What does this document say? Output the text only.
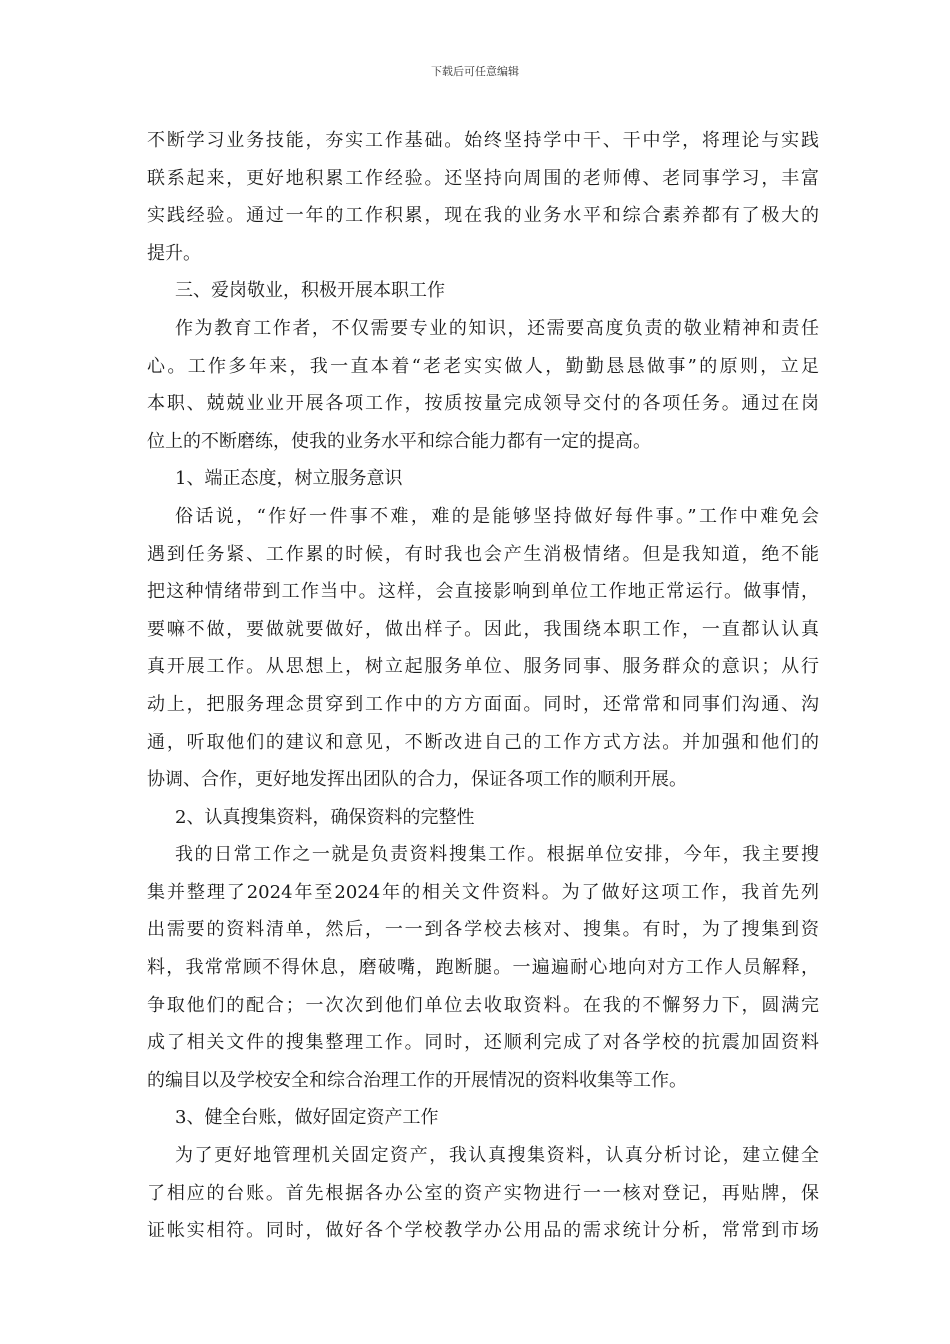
下载后可任意编辑
不断学习业务技能，夯实工作基础。始终坚持学中干、干中学，将理论与实践
联系起来，更好地积累工作经验。还坚持向周围的老师傅、老同事学习，丰富
实践经验。通过一年的工作积累，现在我的业务水平和综合素养都有了极大的
提升。
三、爱岗敬业，积极开展本职工作
作为教育工作者，不仅需要专业的知识，还需要高度负责的敬业精神和责任
心。工作多年来，我一直本着“老老实实做人，勤勤恳恳做事”的原则，立足
本职、兢兢业业开展各项工作，按质按量完成领导交付的各项任务。通过在岗
位上的不断磨练，使我的业务水平和综合能力都有一定的提高。
1、端正态度，树立服务意识
俗话说，“作好一件事不难，难的是能够坚持做好每件事。”工作中难免会
遇到任务紧、工作累的时候，有时我也会产生消极情绪。但是我知道，绝不能
把这种情绪带到工作当中。这样，会直接影响到单位工作地正常运行。做事情，
要嘛不做，要做就要做好，做出样子。因此，我围绕本职工作，一直都认认真
真开展工作。从思想上，树立起服务单位、服务同事、服务群众的意识；从行
动上，把服务理念贯穿到工作中的方方面面。同时，还常常和同事们沟通、沟
通，听取他们的建议和意见，不断改进自己的工作方式方法。并加强和他们的
协调、合作，更好地发挥出团队的合力，保证各项工作的顺利开展。
2、认真搜集资料，确保资料的完整性
我的日常工作之一就是负责资料搜集工作。根据单位安排，今年，我主要搜
集并整理了2024年至2024年的相关文件资料。为了做好这项工作，我首先列
出需要的资料清单，然后，一一到各学校去核对、搜集。有时，为了搜集到资
料，我常常顾不得休息，磨破嘴，跑断腿。一遍遍耐心地向对方工作人员解释，
争取他们的配合；一次次到他们单位去收取资料。在我的不懈努力下，圆满完
成了相关文件的搜集整理工作。同时，还顺利完成了对各学校的抗震加固资料
的编目以及学校安全和综合治理工作的开展情况的资料收集等工作。
3、健全台账，做好固定资产工作
为了更好地管理机关固定资产，我认真搜集资料，认真分析讨论，建立健全
了相应的台账。首先根据各办公室的资产实物进行一一核对登记，再贴牌，保
证帐实相符。同时，做好各个学校教学办公用品的需求统计分析，常常到市场
